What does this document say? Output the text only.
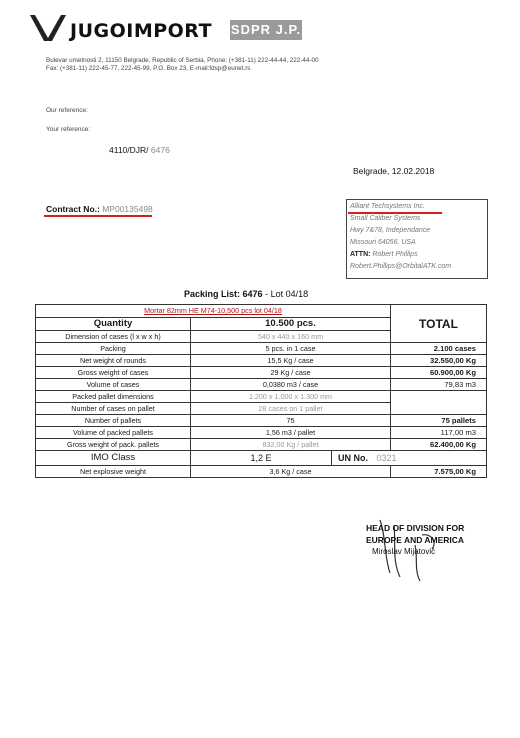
JUGOIMPORT SDPR J.P.
Bulevar umetnosti 2, 11150 Belgrade, Republic of Serbia, Phone: (+381-11) 222-44-44, 222-44-00
Fax: (+381-11) 222-45-77, 222-45-99, P.O. Box 23, E-mail:fdsp@eunet.rs
Our reference:
Your reference:
4110/DJR/ 6476
Belgrade, 12.02.2018
Contract No.: MP00135498	Alliant Techsystems Inc.
Small Caliber Systems
Hwy 7&78, Independance
Missouri 64056, USA
ATTN: Robert Phillips
Robert.Phillips@OrbitalATK.com
Packing List: 6476 - Lot 04/18
Mortar 82mm HE M74-10,500 pcs lot 04/18			TOTAL
Quantity	10.500 pcs.		
Dimension of cases (l x w x h)	540 x 440 x 160 mm		
Packing	5 pcs. in 1 case		2.100 cases
Net weight of rounds	15,5 Kg / case		32.550,00 Kg
Gross weight of cases	29 Kg / case		60.900,00 Kg
Volume of cases	0,0380 m3 / case		79,83 m3
Packed pallet dimensions	1.200 x 1.000 x 1.300 mm		
Number of cases on pallet	28 cases on 1 pallet		
Number of pallets	75		75 pallets
Volume of packed pallets	1,56 m3 / pallet		117,00 m3
Gross weight of pack. pallets	832,00 Kg / pallet		62.400,00 Kg
IMO Class	1,2 E	UN No. 0321	
Net explosive weight	3,6 Kg / case		7.575,00 Kg
HEAD OF DIVISION FOR
EUROPE AND AMERICA
Miroslav Mijatović
